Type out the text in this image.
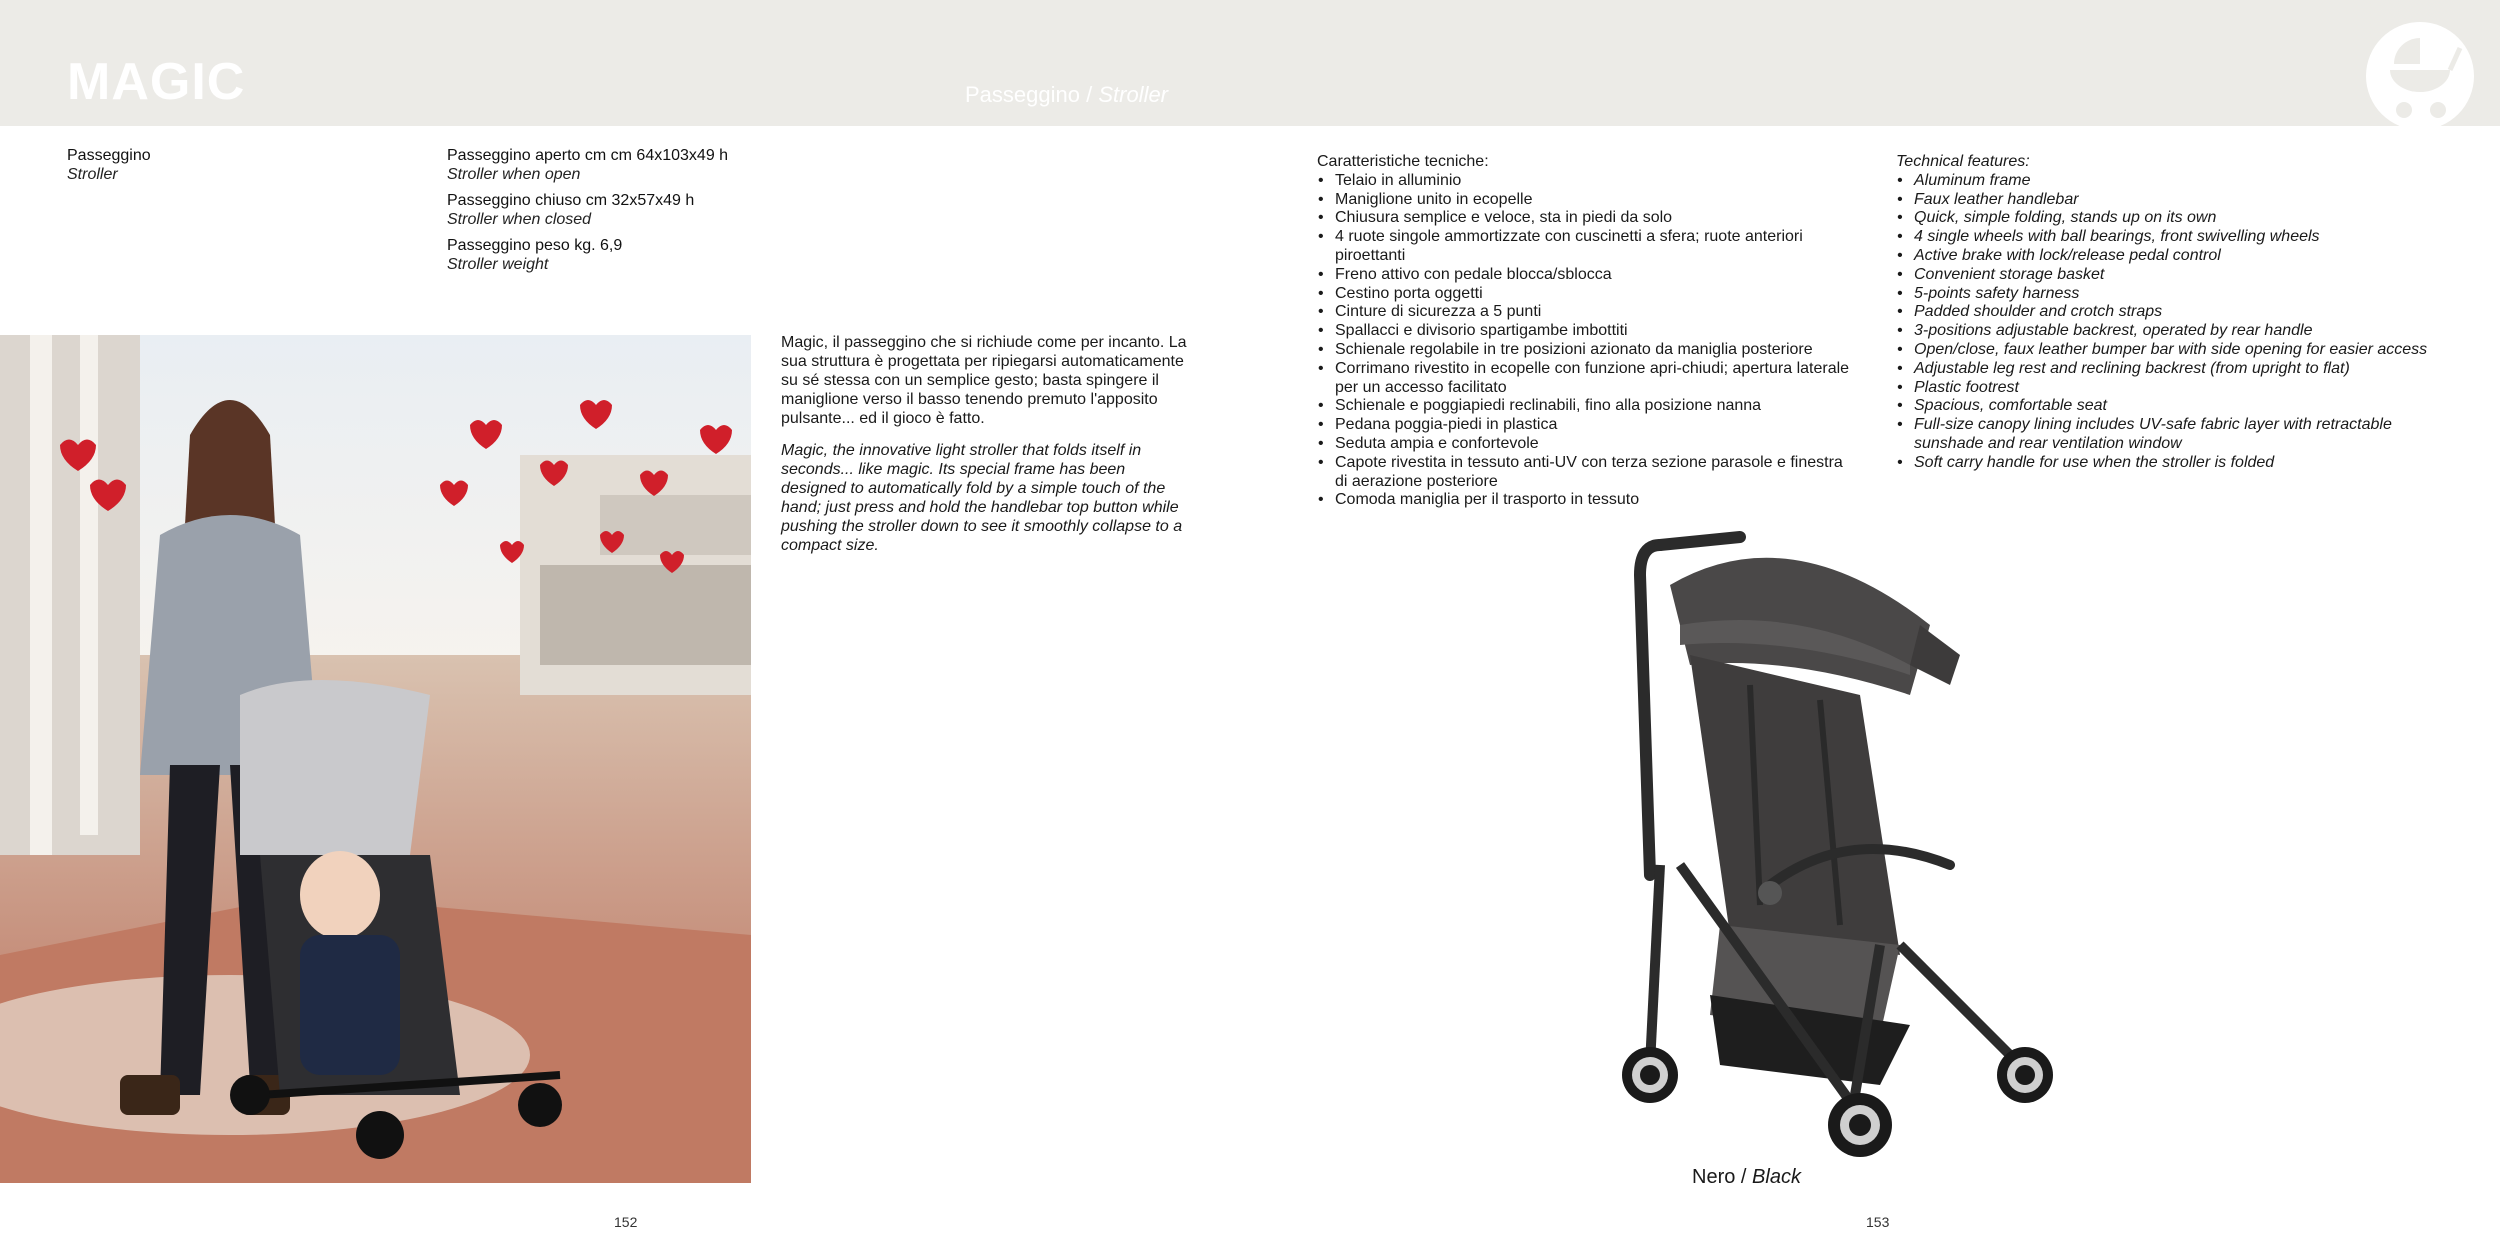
MAGIC	Passeggino / Stroller
Passeggino
Stroller
Passeggino aperto cm cm 64x103x49 h
Stroller when open
Passeggino chiuso cm 32x57x49 h
Stroller when closed
Passeggino peso kg. 6,9
Stroller weight

Magic, il passeggino che si richiude come per incanto. La sua struttura è progettata per ripiegarsi automaticamente su sé stessa con un semplice gesto; basta spingere il maniglione verso il basso tenendo premuto l'apposito pulsante... ed il gioco è fatto.

Magic, the innovative light stroller that folds itself in seconds... like magic. Its special frame has been designed to automatically fold by a simple touch of the hand; just press and hold the handlebar top button while pushing the stroller down to see it smoothly collapse to a compact size.

Caratteristiche tecniche:
• Telaio in alluminio
• Maniglione unito in ecopelle
• Chiusura semplice e veloce, sta in piedi da solo
• 4 ruote singole ammortizzate con cuscinetti a sfera; ruote anteriori piroettanti
• Freno attivo con pedale blocca/sblocca
• Cestino porta oggetti
• Cinture di sicurezza a 5 punti
• Spallacci e divisorio spartigambe imbottiti
• Schienale regolabile in tre posizioni azionato da maniglia posteriore
• Corrimano rivestito in ecopelle con funzione apri-chiudi; apertura laterale per un accesso facilitato
• Schienale e poggiapiedi reclinabili, fino alla posizione nanna
• Pedana poggia-piedi in plastica
• Seduta ampia e confortevole
• Capote rivestita in tessuto anti-UV con terza sezione parasole e finestra di aerazione posteriore
• Comoda maniglia per il trasporto in tessuto
Technical features:
• Aluminum frame
• Faux leather handlebar
• Quick, simple folding, stands up on its own
• 4 single wheels with ball bearings, front swivelling wheels
• Active brake with lock/release pedal control
• Convenient storage basket
• 5-points safety harness
• Padded shoulder and crotch straps
• 3-positions adjustable backrest, operated by rear handle
• Open/close, faux leather bumper bar with side opening for easier access
• Adjustable leg rest and reclining backrest (from upright to flat)
• Plastic footrest
• Spacious, comfortable seat
• Full-size canopy lining includes UV-safe fabric layer with retractable sunshade and rear ventilation window
• Soft carry handle for use when the stroller is folded
Nero / Black
152	153
